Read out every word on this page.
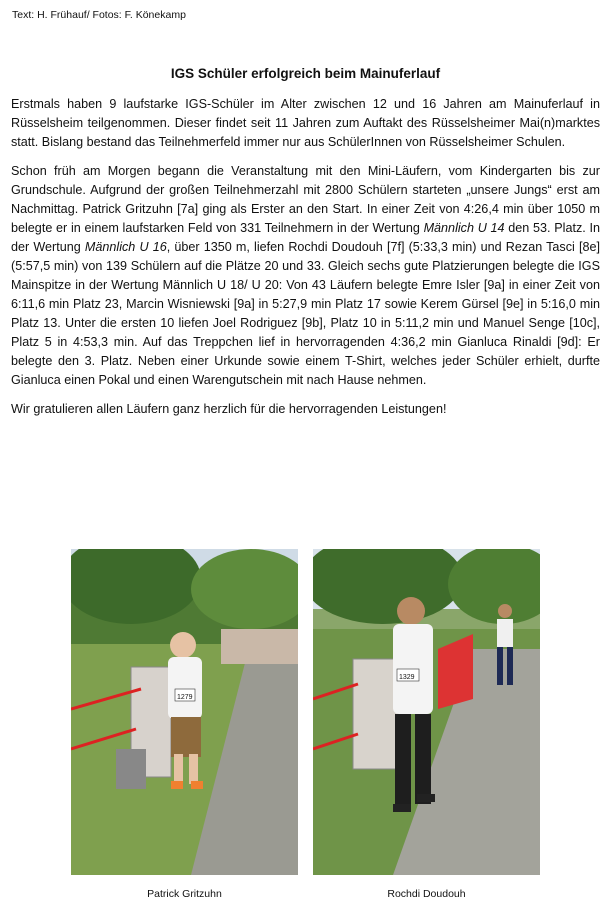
Text: H. Frühauf/ Fotos: F. Könekamp
IGS Schüler erfolgreich beim Mainuferlauf

Erstmals haben 9 laufstarke IGS-Schüler im Alter zwischen 12 und 16 Jahren am Mainuferlauf in Rüsselsheim teilgenommen. Dieser findet seit 11 Jahren zum Auftakt des Rüsselsheimer Mai(n)marktes statt. Bislang bestand das Teilnehmerfeld immer nur aus SchülerInnen von Rüsselsheimer Schulen.

Schon früh am Morgen begann die Veranstaltung mit den Mini-Läufern, vom Kindergarten bis zur Grundschule. Aufgrund der großen Teilnehmerzahl mit 2800 Schülern starteten „unsere Jungs“ erst am Nachmittag. Patrick Gritzuhn [7a] ging als Erster an den Start. In einer Zeit von 4:26,4 min über 1050 m belegte er in einem laufstarken Feld von 331 Teilnehmern in der Wertung Männlich U 14 den 53. Platz. In der Wertung Männlich U 16, über 1350 m, liefen Rochdi Doudouh [7f] (5:33,3 min) und Rezan Tasci [8e] (5:57,5 min) von 139 Schülern auf die Plätze 20 und 33. Gleich sechs gute Platzierungen belegte die IGS Mainspitze in der Wertung Männlich U 18/ U 20: Von 43 Läufern belegte Emre Isler [9a] in einer Zeit von 6:11,6 min Platz 23, Marcin Wisniewski [9a] in 5:27,9 min Platz 17 sowie Kerem Gürsel [9e] in 5:16,0 min Platz 13. Unter die ersten 10 liefen Joel Rodriguez [9b], Platz 10 in 5:11,2 min und Manuel Senge [10c], Platz 5 in 4:53,3 min. Auf das Treppchen lief in hervorragenden 4:36,2 min Gianluca Rinaldi [9d]: Er belegte den 3. Platz. Neben einer Urkunde sowie einem T-Shirt, welches jeder Schüler erhielt, durfte Gianluca einen Pokal und einen Warengutschein mit nach Hause nehmen.

Wir gratulieren allen Läufern ganz herzlich für die hervorragenden Leistungen!

1279
Patrick Gritzuhn
1329
Rochdi Doudouh
